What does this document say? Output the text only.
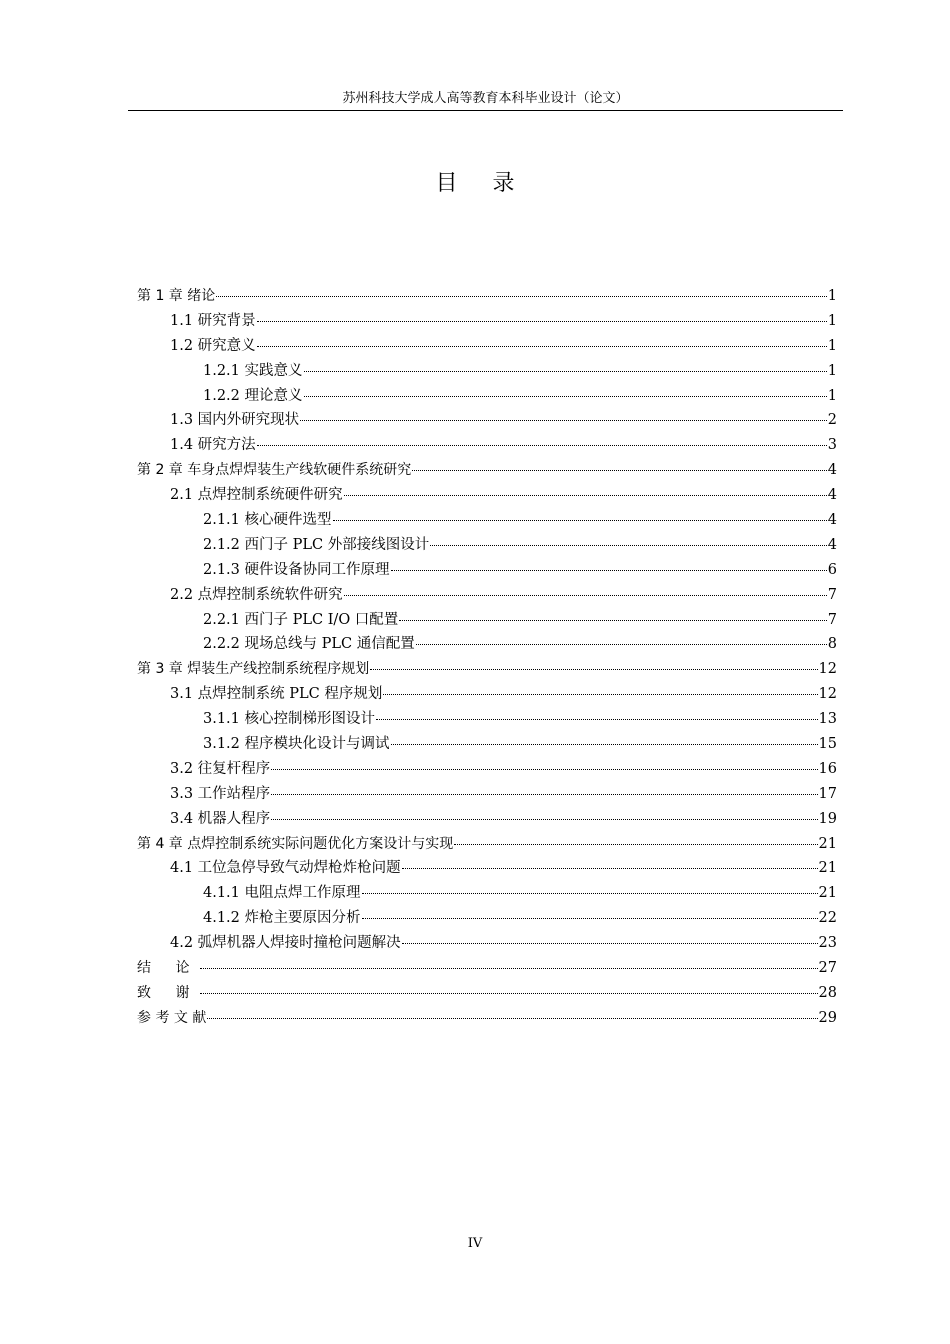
苏州科技大学成人高等教育本科毕业设计（论文）
目 录
第 1 章 绪论	1
1.1 研究背景	1
1.2 研究意义	1
1.2.1 实践意义	1
1.2.2 理论意义	1
1.3 国内外研究现状	2
1.4 研究方法	3
第 2 章 车身点焊焊装生产线软硬件系统研究	4
2.1 点焊控制系统硬件研究	4
2.1.1 核心硬件选型	4
2.1.2 西门子 PLC 外部接线图设计	4
2.1.3 硬件设备协同工作原理	6
2.2 点焊控制系统软件研究	7
2.2.1 西门子 PLC I/O 口配置	7
2.2.2 现场总线与 PLC 通信配置	8
第 3 章 焊装生产线控制系统程序规划	12
3.1 点焊控制系统 PLC 程序规划	12
3.1.1 核心控制梯形图设计	13
3.1.2 程序模块化设计与调试	15
3.2 往复杆程序	16
3.3 工作站程序	17
3.4 机器人程序	19
第 4 章 点焊控制系统实际问题优化方案设计与实现	21
4.1 工位急停导致气动焊枪炸枪问题	21
4.1.1 电阻点焊工作原理	21
4.1.2 炸枪主要原因分析	22
4.2 弧焊机器人焊接时撞枪问题解决	23
结 论	27
致 谢	28
参 考 文 献	29
IV
